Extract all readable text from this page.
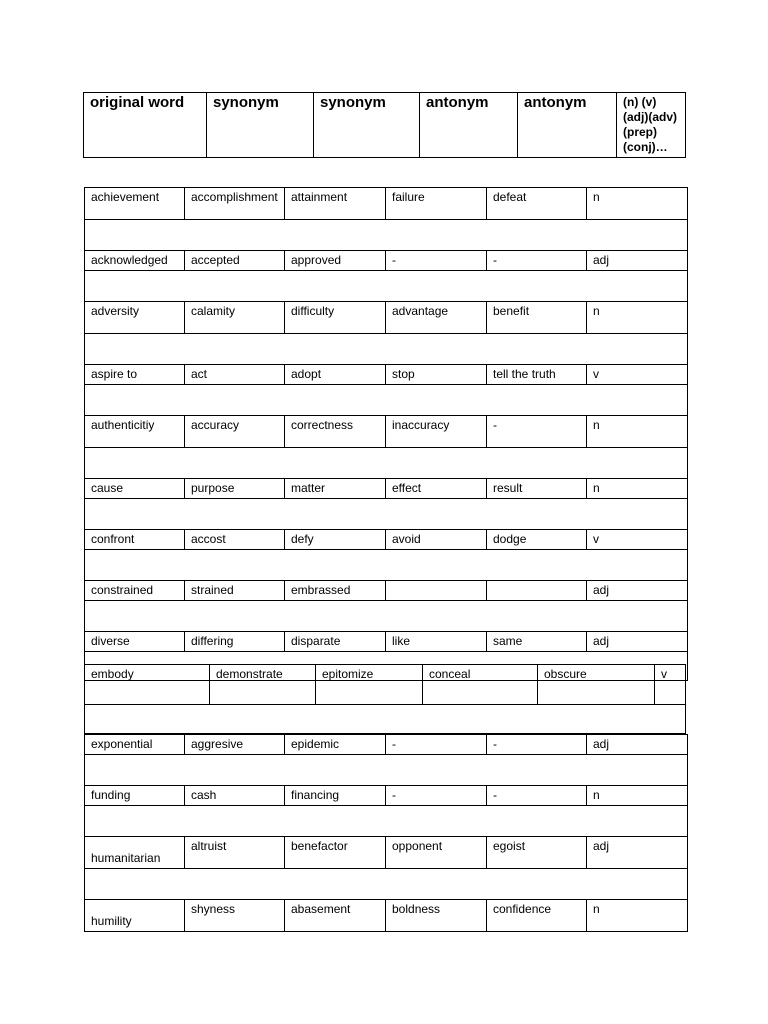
original word	synonym	synonym	antonym	antonym	(n) (v) (adj)(adv) (prep) (conj)…
achievement	accomplishment	attainment	failure	defeat	n

acknowledged	accepted	approved	-	-	adj

adversity	calamity	difficulty	advantage	benefit	n

aspire to	act	adopt	stop	tell the truth	v

authenticitiy	accuracy	correctness	inaccuracy	-	n

cause	purpose	matter	effect	result	n

confront	accost	defy	avoid	dodge	v

constrained	strained	embrassed			adj

diverse	differing	disparate	like	same	adj

embody	demonstrate	epitomize	conceal	obscure	v

exponential	aggresive	epidemic	-	-	adj

funding	cash	financing	-	-	n

humanitarian	altruist	benefactor	opponent	egoist	adj

humility	shyness	abasement	boldness	confidence	n
